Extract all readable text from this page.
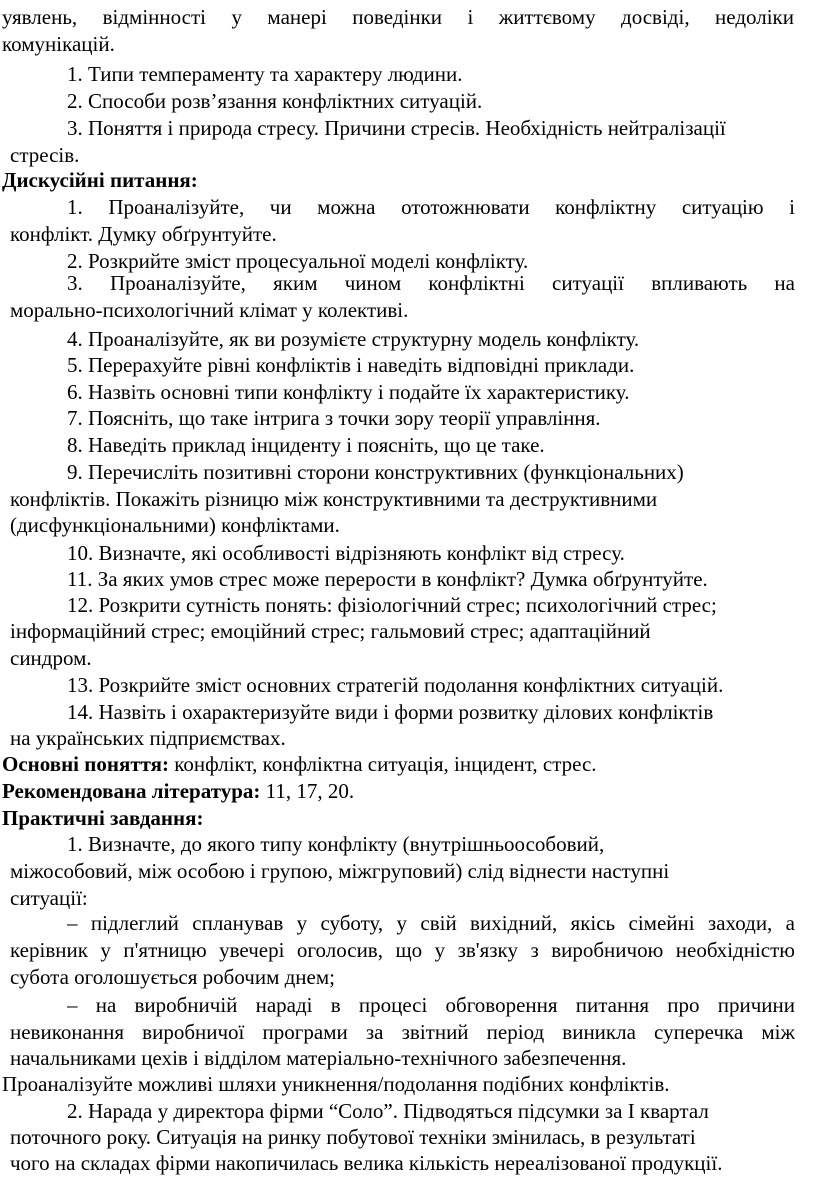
уявлень, відмінності у манері поведінки і життєвому досвіді, недоліки
комунікацій.
1. Типи темпераменту та характеру людини.
2. Способи розв’язання конфліктних ситуацій.
3. Поняття і природа стресу. Причини стресів. Необхідність нейтралізації
стресів.
Дискусійні питання:
1. Проаналізуйте, чи можна ототожнювати конфліктну ситуацію і
конфлікт. Думку обґрунтуйте.
2. Розкрийте зміст процесуальної моделі конфлікту.
3. Проаналізуйте, яким чином конфліктні ситуації впливають на
морально-психологічний клімат у колективі.
4. Проаналізуйте, як ви розумієте структурну модель конфлікту.
5. Перерахуйте рівні конфліктів і наведіть відповідні приклади.
6. Назвіть основні типи конфлікту і подайте їх характеристику.
7. Поясніть, що таке інтрига з точки зору теорії управління.
8. Наведіть приклад інциденту і поясніть, що це таке.
9. Перечисліть позитивні сторони конструктивних (функціональних)
конфліктів. Покажіть різницю між конструктивними та деструктивними
(дисфункціональними) конфліктами.
10. Визначте, які особливості відрізняють конфлікт від стресу.
11. За яких умов стрес може перерости в конфлікт? Думка обґрунтуйте.
12. Розкрити сутність понять: фізіологічний стрес; психологічний стрес;
інформаційний стрес; емоційний стрес; гальмовий стрес; адаптаційний
синдром.
13. Розкрийте зміст основних стратегій подолання конфліктних ситуацій.
14. Назвіть і охарактеризуйте види і форми розвитку ділових конфліктів
на українських підприємствах.
Основні поняття: конфлікт, конфліктна ситуація, інцидент, стрес.
Рекомендована література: 11, 17, 20.
Практичні завдання:
1. Визначте, до якого типу конфлікту (внутрішньоособовий,
міжособовий, між особою і групою, міжгруповий) слід віднести наступні
ситуації:
– підлеглий спланував у суботу, у свій вихідний, якісь сімейні заходи, а
керівник у п'ятницю увечері оголосив, що у зв'язку з виробничою необхідністю
субота оголошується робочим днем;
– на виробничій нараді в процесі обговорення питання про причини
невиконання виробничої програми за звітний період виникла суперечка між
начальниками цехів і відділом матеріально-технічного забезпечення.
Проаналізуйте можливі шляхи уникнення/подолання подібних конфліктів.
2. Нарада у директора фірми “Соло”. Підводяться підсумки за I квартал
поточного року. Ситуація на ринку побутової техніки змінилась, в результаті
чого на складах фірми накопичилась велика кількість нереалізованої продукції.
